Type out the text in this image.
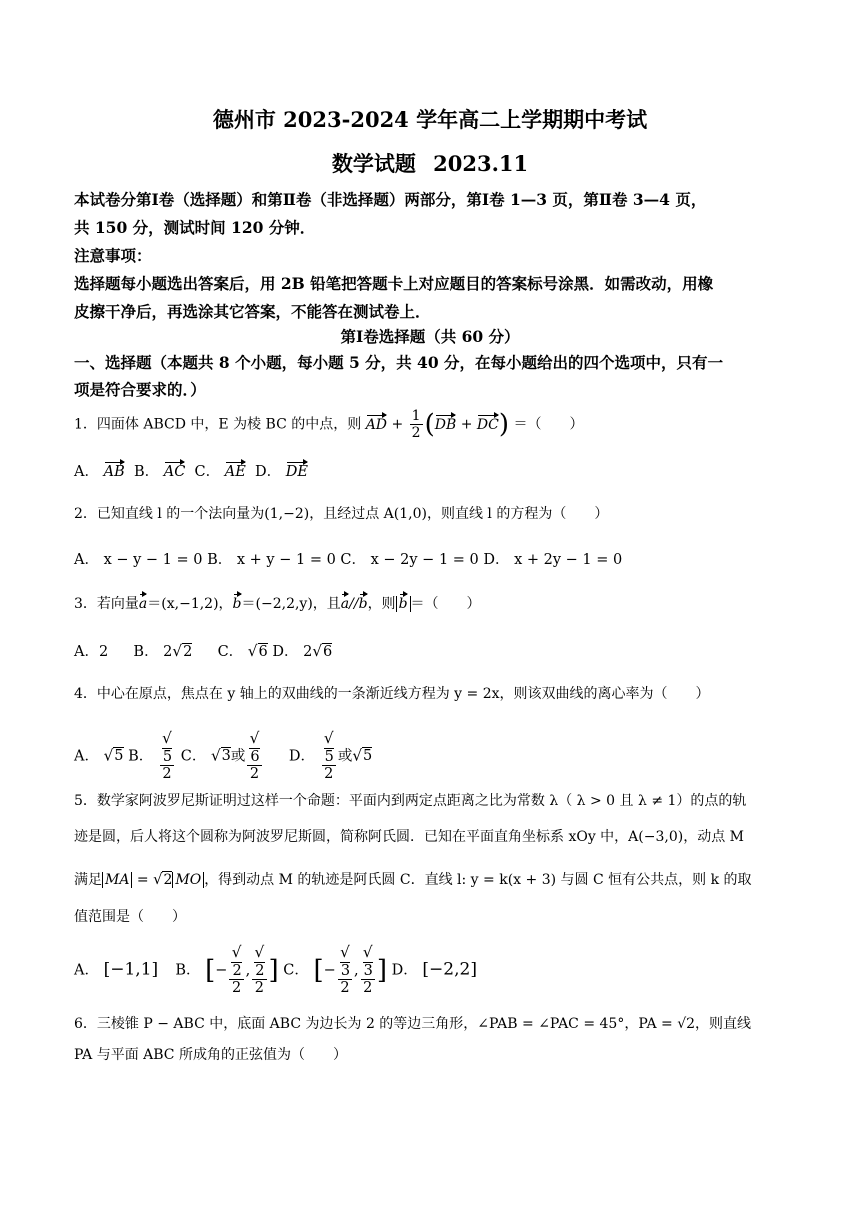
德州市 2023-2024 学年高二上学期期中考试
数学试题 2023.11
本试卷分第Ⅰ卷（选择题）和第Ⅱ卷（非选择题）两部分，第Ⅰ卷 1—3 页，第Ⅱ卷 3—4 页，
共 150 分，测试时间 120 分钟．
注意事项：
选择题每小题选出答案后，用 2B 铅笔把答题卡上对应题目的答案标号涂黑．如需改动，用橡
皮擦干净后，再选涂其它答案，不能答在测试卷上．
第Ⅰ卷选择题（共 60 分）
一、选择题（本题共 8 个小题，每小题 5 分，共 40 分，在每小题给出的四个选项中，只有一
项是符合要求的．）
1．四面体 ABCD 中，E 为棱 BC 的中点，则 AD + $\frac{1}{2} (DB + DC)$ ＝（　　）
A． AB B． AC C． AE D． DE
2．已知直线 l 的一个法向量为(1,−2)，且经过点 A(1,0)，则直线 l 的方程为（　　）
A． x − y − 1 = 0 B． x + y − 1 = 0 C． x − 2y − 1 = 0 D． x + 2y − 1 = 0
3．若向量a＝(x,−1,2)，b＝(−2,2,y)，且a//b，则 b ＝（　　）
A．2 B． 2√2 C． √6 D． 2√6
4．中心在原点，焦点在 y 轴上的双曲线的一条渐近线方程为 y = 2x，则该双曲线的离心率为（　　）
A． √5 B． √
5
2 C． √3或 √
6
2 D． √
5
2 或√5
5．数学家阿波罗尼斯证明过这样一个命题：平面内到两定点距离之比为常数 λ（ λ > 0 且 λ ≠ 1）的点的轨
迹是圆，后人将这个圆称为阿波罗尼斯圆，简称阿氏圆．已知在平面直角坐标系 xOy 中，A(−3,0)，动点 M
满足 MA = √2 MO ，得到动点 M 的轨迹是阿氏圆 C．直线 l: y = k(x + 3) 与圆 C 恒有公共点，则 k 的取
值范围是（　　）
A． [−1,1] B． [− √
2
2 , √
2
2 ] C． [− √
3
2 , √
3
2 ] D． [−2,2]
6．三棱锥 P − ABC 中，底面 ABC 为边长为 2 的等边三角形，∠PAB = ∠PAC = 45°，PA = √2，则直线
PA 与平面 ABC 所成角的正弦值为（　　）
